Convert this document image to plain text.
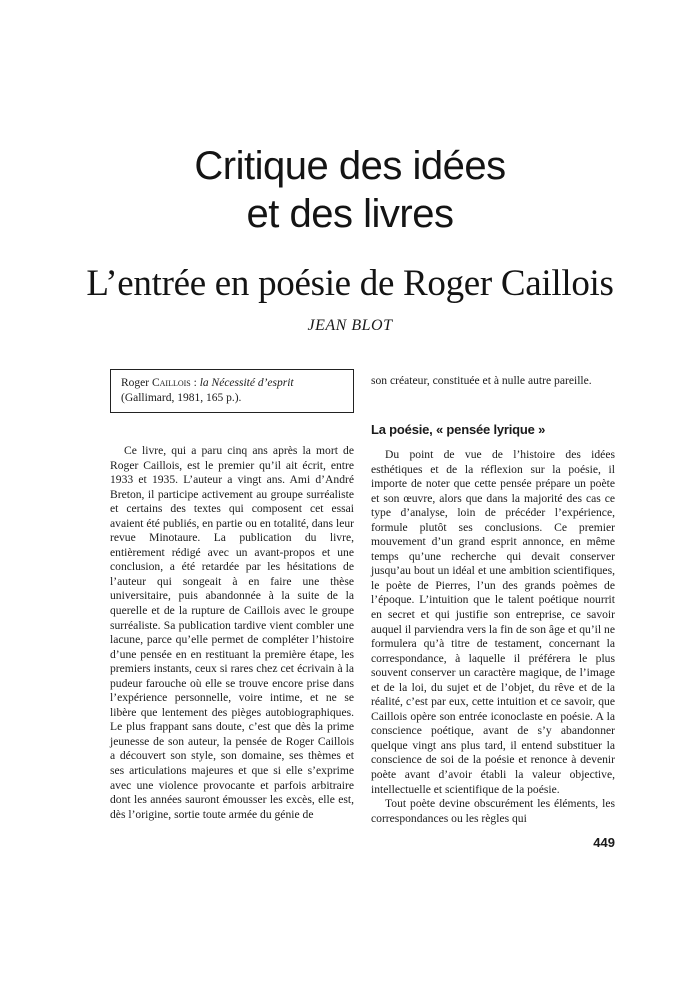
Critique des idées
et des livres
L’entrée en poésie de Roger Caillois
JEAN BLOT
Roger Caillois : la Nécessité d’esprit
(Gallimard, 1981, 165 p.).

Ce livre, qui a paru cinq ans après la mort de Roger Caillois, est le premier qu’il ait écrit, entre 1933 et 1935. L’auteur a vingt ans. Ami d’André Breton, il participe activement au groupe surréaliste et certains des textes qui composent cet essai avaient été publiés, en partie ou en totalité, dans leur revue Minotaure. La publication du livre, entièrement rédigé avec un avant-propos et une conclusion, a été retardée par les hésitations de l’auteur qui songeait à en faire une thèse universitaire, puis abandonnée à la suite de la querelle et de la rupture de Caillois avec le groupe surréaliste. Sa publication tardive vient combler une lacune, parce qu’elle permet de compléter l’histoire d’une pensée en en restituant la première étape, les premiers instants, ceux si rares chez cet écrivain à la pudeur farouche où elle se trouve encore prise dans l’expérience personnelle, voire intime, et ne se libère que lentement des pièges autobiographiques. Le plus frappant sans doute, c’est que dès la prime jeunesse de son auteur, la pensée de Roger Caillois a découvert son style, son domaine, ses thèmes et ses articulations majeures et que si elle s’exprime avec une violence provocante et parfois arbitraire dont les années sauront émousser les excès, elle est, dès l’origine, sortie toute armée du génie de

son créateur, constituée et à nulle autre pareille.

La poésie, « pensée lyrique »

Du point de vue de l’histoire des idées esthétiques et de la réflexion sur la poésie, il importe de noter que cette pensée prépare un poète et son œuvre, alors que dans la majorité des cas ce type d’analyse, loin de précéder l’expérience, formule plutôt ses conclusions. Ce premier mouvement d’un grand esprit annonce, en même temps qu’une recherche qui devait conserver jusqu’au bout un idéal et une ambition scientifiques, le poète de Pierres, l’un des grands poèmes de l’époque. L’intuition que le talent poétique nourrit en secret et qui justifie son entreprise, ce savoir auquel il parviendra vers la fin de son âge et qu’il ne formulera qu’à titre de testament, concernant la correspondance, à laquelle il préférera le plus souvent conserver un caractère magique, de l’image et de la loi, du sujet et de l’objet, du rêve et de la réalité, c’est par eux, cette intuition et ce savoir, que Caillois opère son entrée iconoclaste en poésie. A la conscience poétique, avant de s’y abandonner quelque vingt ans plus tard, il entend substituer la conscience de soi de la poésie et renonce à devenir poète avant d’avoir établi la valeur objective, intellectuelle et scientifique de la poésie.

Tout poète devine obscurément les éléments, les correspondances ou les règles qui

449
